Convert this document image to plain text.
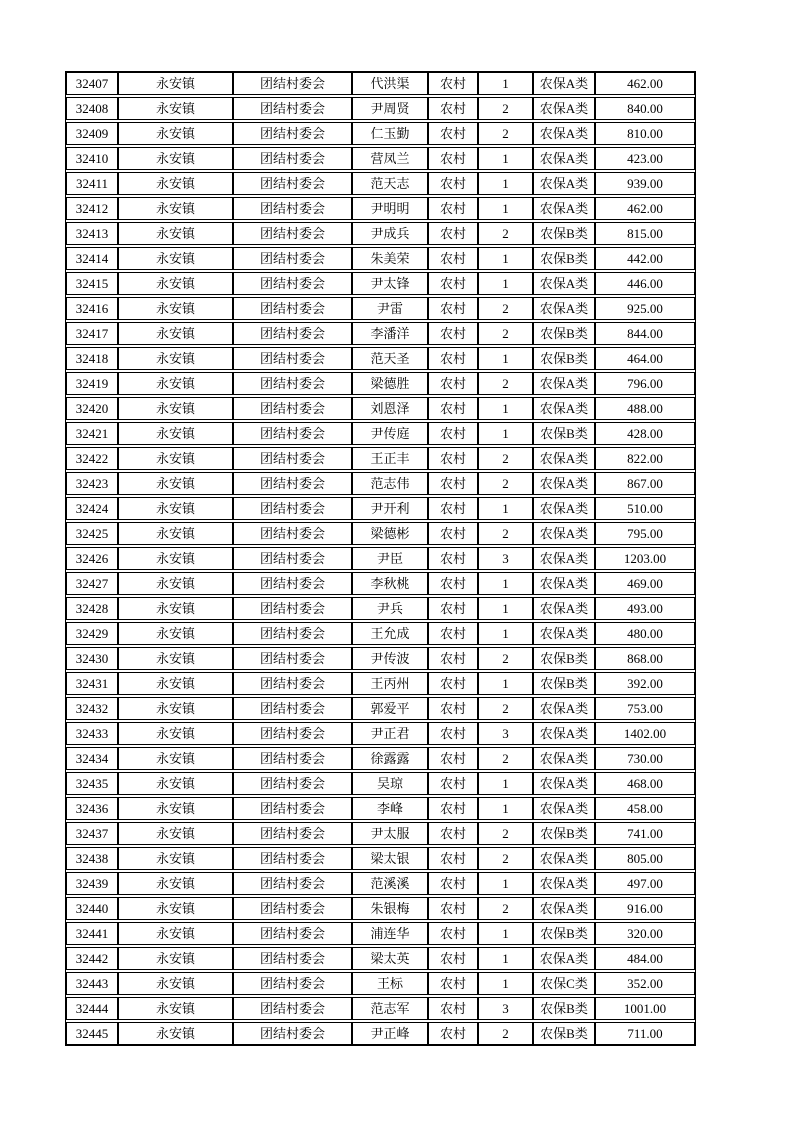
32407	永安镇	团结村委会	代洪渠	农村	1	农保A类	462.00
32408	永安镇	团结村委会	尹周贤	农村	2	农保A类	840.00
32409	永安镇	团结村委会	仁玉勤	农村	2	农保A类	810.00
32410	永安镇	团结村委会	营凤兰	农村	1	农保A类	423.00
32411	永安镇	团结村委会	范天志	农村	1	农保A类	939.00
32412	永安镇	团结村委会	尹明明	农村	1	农保A类	462.00
32413	永安镇	团结村委会	尹成兵	农村	2	农保B类	815.00
32414	永安镇	团结村委会	朱美荣	农村	1	农保B类	442.00
32415	永安镇	团结村委会	尹太锋	农村	1	农保A类	446.00
32416	永安镇	团结村委会	尹雷	农村	2	农保A类	925.00
32417	永安镇	团结村委会	李潘洋	农村	2	农保B类	844.00
32418	永安镇	团结村委会	范天圣	农村	1	农保B类	464.00
32419	永安镇	团结村委会	梁德胜	农村	2	农保A类	796.00
32420	永安镇	团结村委会	刘恩泽	农村	1	农保A类	488.00
32421	永安镇	团结村委会	尹传庭	农村	1	农保B类	428.00
32422	永安镇	团结村委会	王正丰	农村	2	农保A类	822.00
32423	永安镇	团结村委会	范志伟	农村	2	农保A类	867.00
32424	永安镇	团结村委会	尹开利	农村	1	农保A类	510.00
32425	永安镇	团结村委会	梁德彬	农村	2	农保A类	795.00
32426	永安镇	团结村委会	尹臣	农村	3	农保A类	1203.00
32427	永安镇	团结村委会	李秋桃	农村	1	农保A类	469.00
32428	永安镇	团结村委会	尹兵	农村	1	农保A类	493.00
32429	永安镇	团结村委会	王允成	农村	1	农保A类	480.00
32430	永安镇	团结村委会	尹传波	农村	2	农保B类	868.00
32431	永安镇	团结村委会	王丙州	农村	1	农保B类	392.00
32432	永安镇	团结村委会	郭爱平	农村	2	农保A类	753.00
32433	永安镇	团结村委会	尹正君	农村	3	农保A类	1402.00
32434	永安镇	团结村委会	徐露露	农村	2	农保A类	730.00
32435	永安镇	团结村委会	吴琼	农村	1	农保A类	468.00
32436	永安镇	团结村委会	李峰	农村	1	农保A类	458.00
32437	永安镇	团结村委会	尹太服	农村	2	农保B类	741.00
32438	永安镇	团结村委会	梁太银	农村	2	农保A类	805.00
32439	永安镇	团结村委会	范溪溪	农村	1	农保A类	497.00
32440	永安镇	团结村委会	朱银梅	农村	2	农保A类	916.00
32441	永安镇	团结村委会	浦连华	农村	1	农保B类	320.00
32442	永安镇	团结村委会	梁太英	农村	1	农保A类	484.00
32443	永安镇	团结村委会	王标	农村	1	农保C类	352.00
32444	永安镇	团结村委会	范志军	农村	3	农保B类	1001.00
32445	永安镇	团结村委会	尹正峰	农村	2	农保B类	711.00
